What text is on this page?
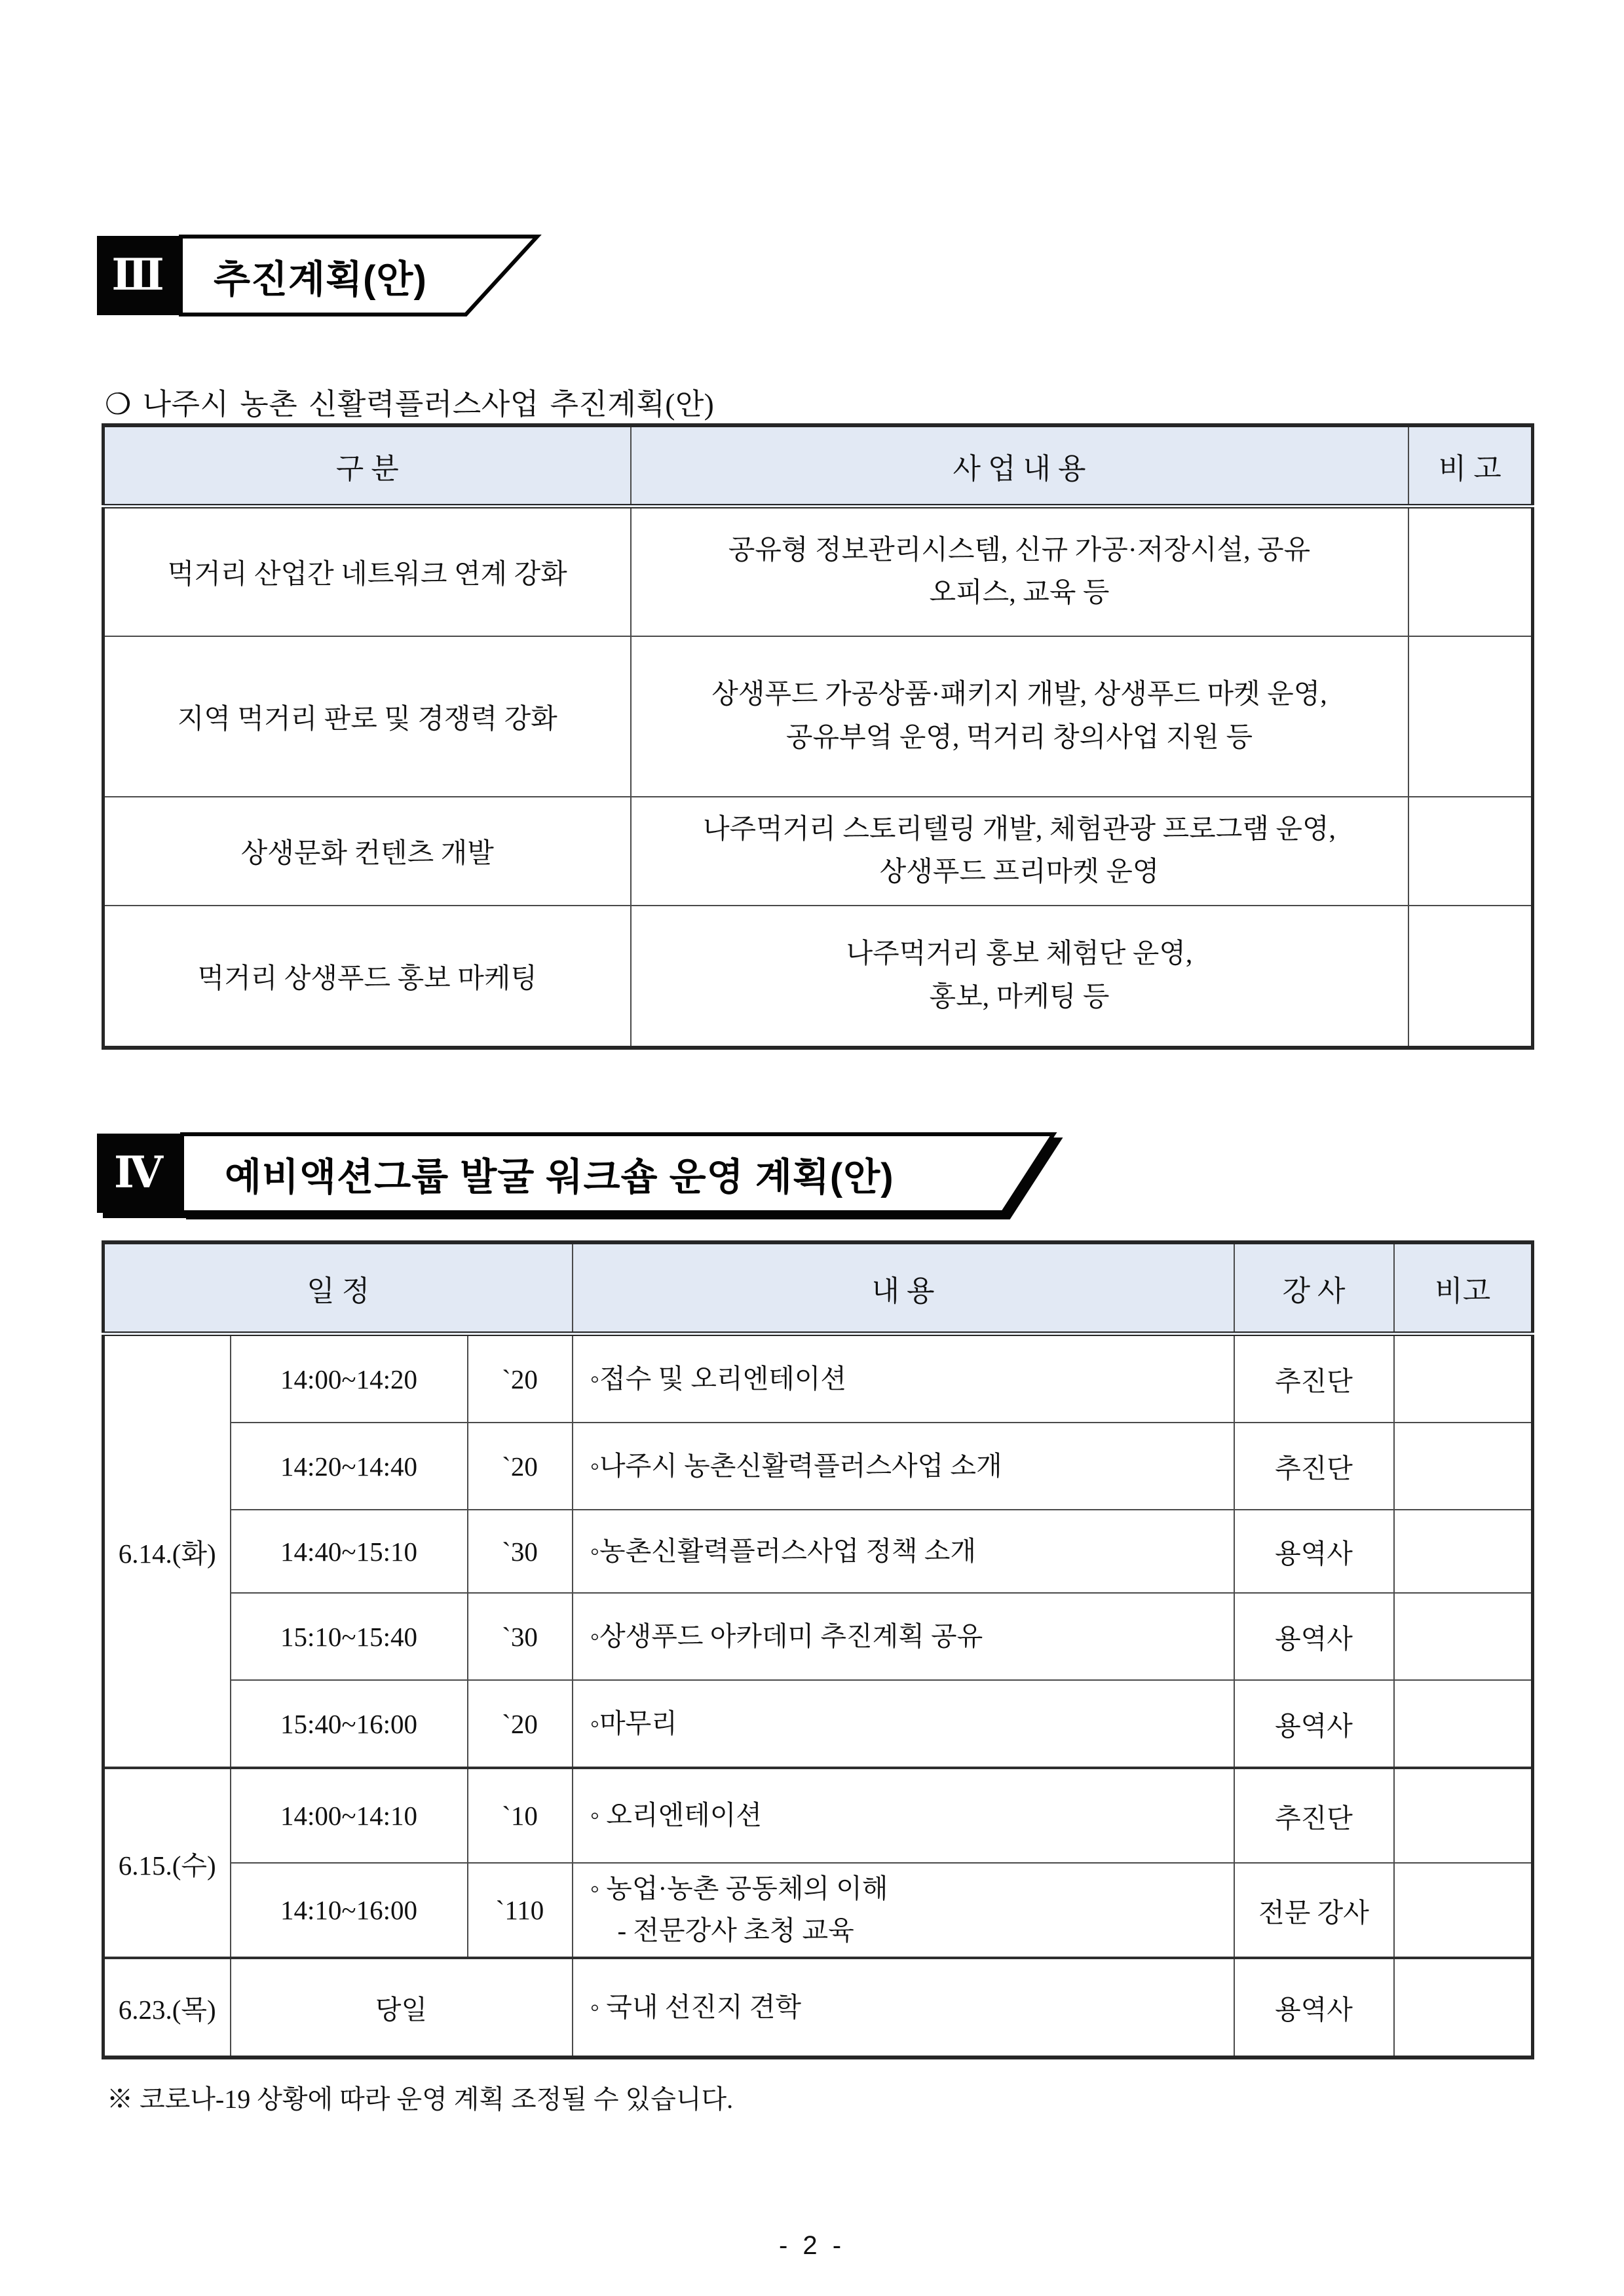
Ⅲ 추진계획(안)
❍ 나주시 농촌 신활력플러스사업 추진계획(안)
구 분	사 업 내 용	비 고
먹거리 산업간 네트워크 연계 강화	공유형 정보관리시스템, 신규 가공·저장시설, 공유
오피스, 교육 등	

지역 먹거리 판로 및 경쟁력 강화	상생푸드 가공상품·패키지 개발, 상생푸드 마켓 운영,
공유부엌 운영, 먹거리 창의사업 지원 등	

상생문화 컨텐츠 개발	나주먹거리 스토리텔링 개발, 체험관광 프로그램 운영,
상생푸드 프리마켓 운영	

먹거리 상생푸드 홍보 마케팅	나주먹거리 홍보 체험단 운영,
홍보, 마케팅 등	

Ⅳ 예비액션그룹 발굴 워크숍 운영 계획(안)
일 정			내 용	강 사	비고
6.14.(화)	14:00~14:20	`20	◦접수 및 오리엔테이션	추진단	
	14:20~14:40	`20	◦나주시 농촌신활력플러스사업 소개	추진단	
	14:40~15:10	`30	◦농촌신활력플러스사업 정책 소개	용역사	
	15:10~15:40	`30	◦상생푸드 아카데미 추진계획 공유	용역사	
	15:40~16:00	`20	◦마무리	용역사	
6.15.(수)	14:00~14:10	`10	◦ 오리엔테이션	추진단	
	14:10~16:00	`110	◦ 농업·농촌 공동체의 이해
- 전문강사 초청 교육	전문 강사	
6.23.(목)	당일		◦ 국내 선진지 견학	용역사	
※ 코로나-19 상황에 따라 운영 계획 조정될 수 있습니다.
- 2 -
